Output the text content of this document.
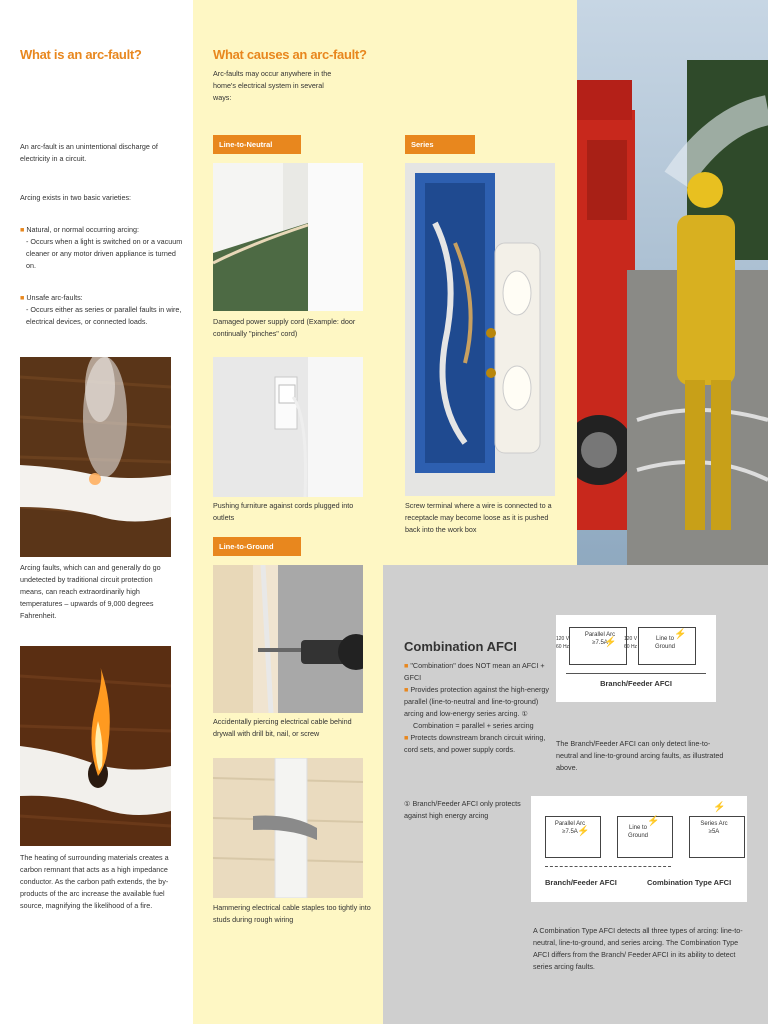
What is an arc-fault?
An arc-fault is an unintentional discharge of electricity in a circuit.
Arcing exists in two basic varieties:
■ Natural, or normal occurring arcing:
- Occurs when a light is switched on or a vacuum cleaner or any motor driven appliance is turned on.
■ Unsafe arc-faults:
- Occurs either as series or parallel faults in wire, electrical devices, or connected loads.
Arcing faults, which can and generally do go undetected by traditional circuit protection means, can reach extraordinarily high temperatures – upwards of 9,000 degrees Fahrenheit.
The heating of surrounding materials creates a carbon remnant that acts as a high impedance conductor. As the carbon path extends, the by-products of the arc increase the available fuel source, magnifying the likelihood of a fire.
What causes an arc-fault?
Arc-faults may occur anywhere in the home's electrical system in several ways:
Line-to-Neutral	Series
Damaged power supply cord (Example: door continually "pinches" cord)
Pushing furniture against cords plugged into outlets
Screw terminal where a wire is connected to a receptacle may become loose as it is pushed back into the work box
Line-to-Ground
Accidentally piercing electrical cable behind drywall with drill bit, nail, or screw
Hammering electrical cable staples too tightly into studs during rough wiring
Combination AFCI
■ "Combination" does NOT mean an AFCI + GFCI
■ Provides protection against the high-energy parallel (line-to-neutral and line-to-ground) arcing and low-energy series arcing. ①
Combination = parallel + series arcing
■ Protects downstream branch circuit wiring, cord sets, and power supply cords.
① Branch/Feeder AFCI only protects against high energy arcing
Parallel Arc ≥7.5A
Line to Ground
120 V 60 Hz
120 V 60 Hz
⚡
⚡
Branch/Feeder AFCI
The Branch/Feeder AFCI can only detect line-to-neutral and line-to-ground arcing faults, as illustrated above.
Parallel Arc ≥7.5A
Line to Ground
Series Arc ≥5A
⚡
⚡
⚡
Branch/Feeder AFCI	Combination Type AFCI
A Combination Type AFCI detects all three types of arcing: line-to-neutral, line-to-ground, and series arcing. The Combination Type AFCI differs from the Branch/ Feeder AFCI in its ability to detect series arcing faults.
